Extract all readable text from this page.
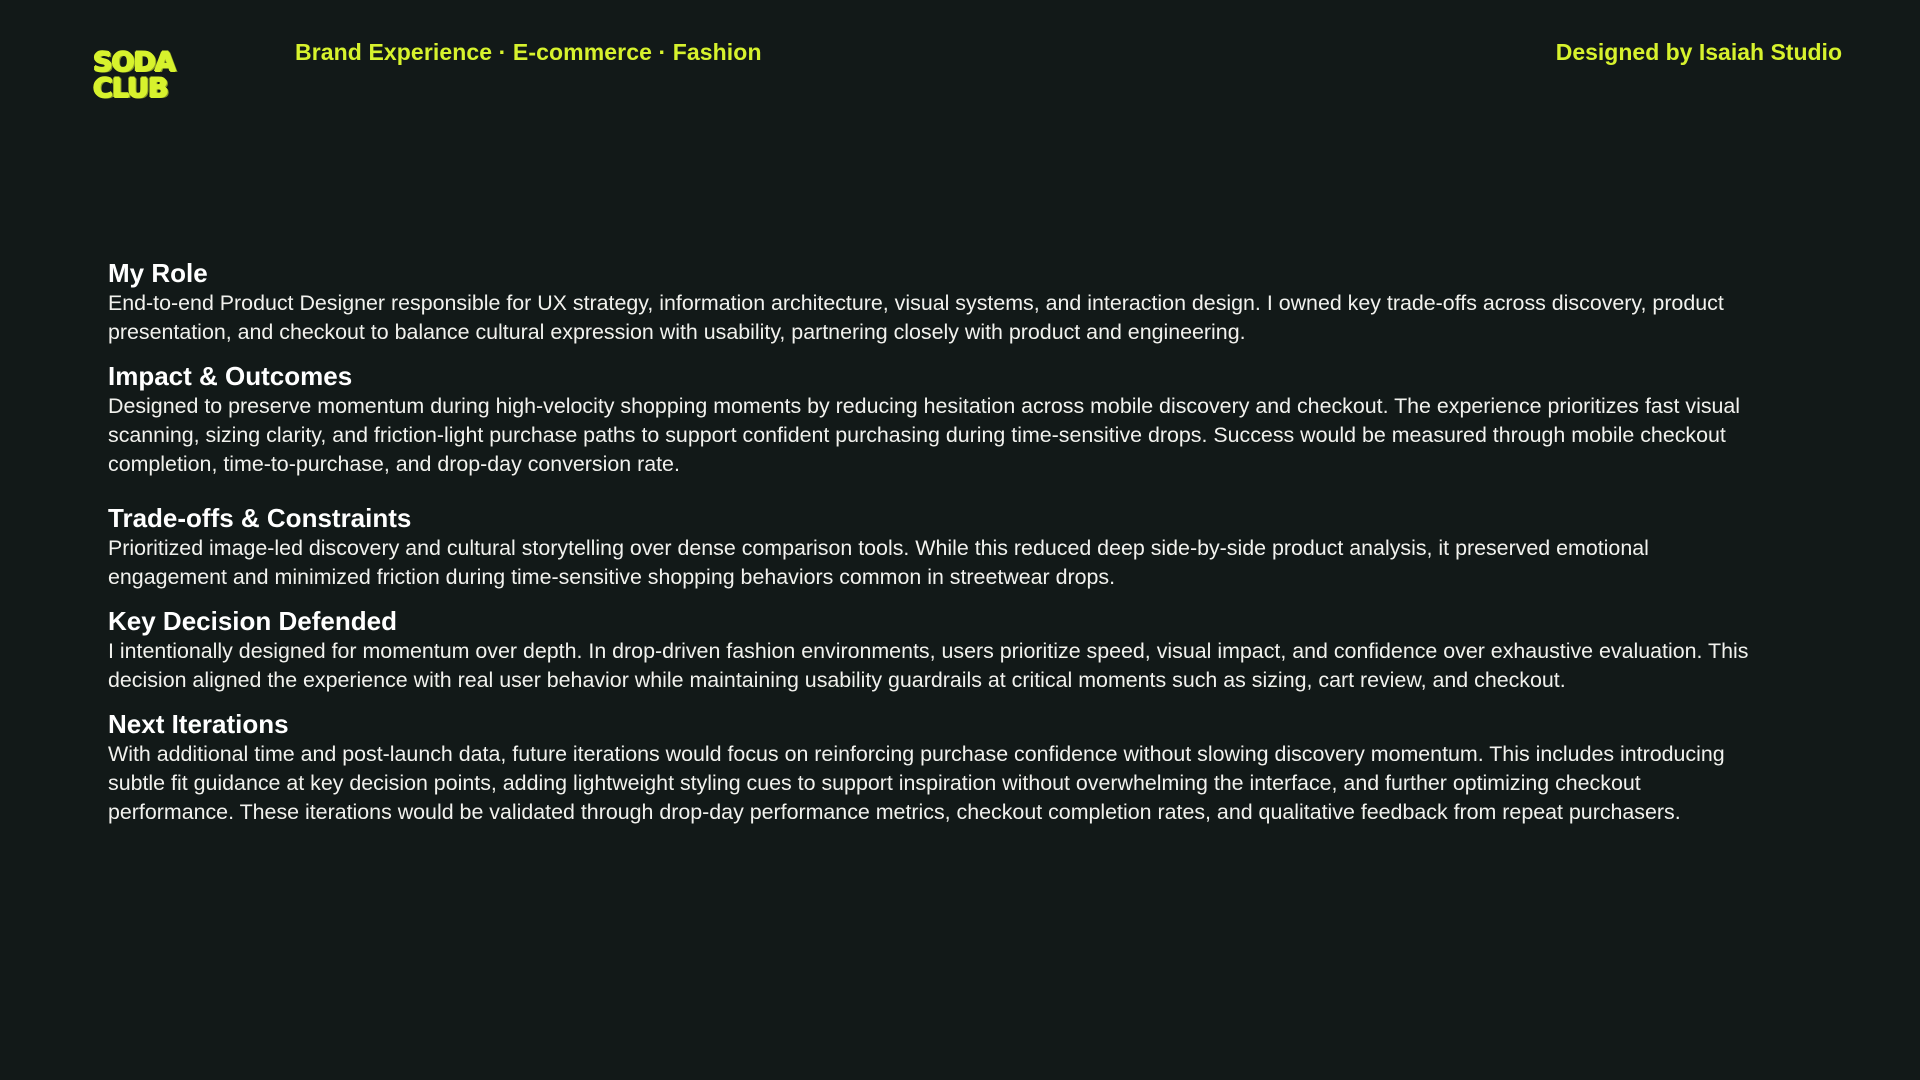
SODA
CLUB
Brand Experience · E-commerce · Fashion	Designed by Isaiah Studio
My Role

End-to-end Product Designer responsible for UX strategy, information architecture, visual systems, and interaction design. I owned key trade-offs across discovery, product presentation, and checkout to balance cultural expression with usability, partnering closely with product and engineering.

Impact & Outcomes

Designed to preserve momentum during high-velocity shopping moments by reducing hesitation across mobile discovery and checkout. The experience prioritizes fast visual scanning, sizing clarity, and friction-light purchase paths to support confident purchasing during time-sensitive drops. Success would be measured through mobile checkout completion, time-to-purchase, and drop-day conversion rate.

Trade-offs & Constraints

Prioritized image-led discovery and cultural storytelling over dense comparison tools. While this reduced deep side-by-side product analysis, it preserved emotional engagement and minimized friction during time-sensitive shopping behaviors common in streetwear drops.

Key Decision Defended

I intentionally designed for momentum over depth. In drop-driven fashion environments, users prioritize speed, visual impact, and confidence over exhaustive evaluation. This decision aligned the experience with real user behavior while maintaining usability guardrails at critical moments such as sizing, cart review, and checkout.

Next Iterations

With additional time and post-launch data, future iterations would focus on reinforcing purchase confidence without slowing discovery momentum. This includes introducing subtle fit guidance at key decision points, adding lightweight styling cues to support inspiration without overwhelming the interface, and further optimizing checkout performance. These iterations would be validated through drop-day performance metrics, checkout completion rates, and qualitative feedback from repeat purchasers.
